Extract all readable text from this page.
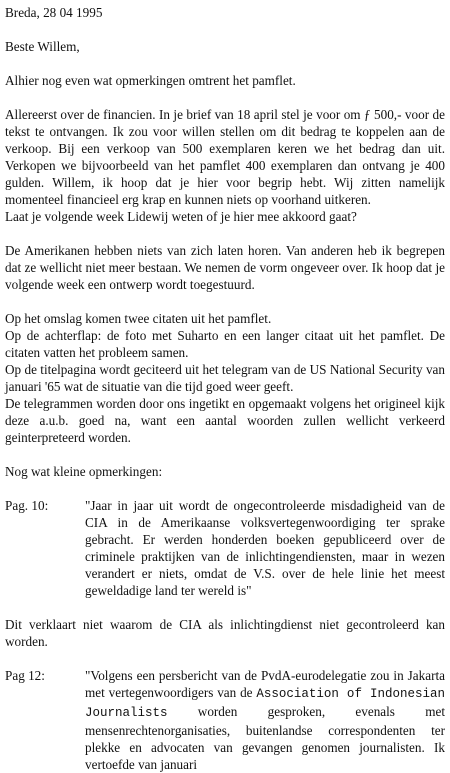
Breda, 28 04 1995

Beste Willem,

Alhier nog even wat opmerkingen omtrent het pamflet.

Allereerst over de financien. In je brief van 18 april stel je voor om ƒ 500,- voor de tekst te ontvangen. Ik zou voor willen stellen om dit bedrag te koppelen aan de verkoop. Bij een verkoop van 500 exemplaren keren we het bedrag dan uit. Verkopen we bijvoorbeeld van het pamflet 400 exemplaren dan ontvang je 400 gulden. Willem, ik hoop dat je hier voor begrip hebt. Wij zitten namelijk momenteel financieel erg krap en kunnen niets op voorhand uitkeren.

Laat je volgende week Lidewij weten of je hier mee akkoord gaat?

De Amerikanen hebben niets van zich laten horen. Van anderen heb ik begrepen dat ze wellicht niet meer bestaan. We nemen de vorm ongeveer over. Ik hoop dat je volgende week een ontwerp wordt toegestuurd.

Op het omslag komen twee citaten uit het pamflet.

Op de achterflap: de foto met Suharto en een langer citaat uit het pamflet. De citaten vatten het probleem samen.

Op de titelpagina wordt geciteerd uit het telegram van de US National Security van januari '65 wat de situatie van die tijd goed weer geeft.

De telegrammen worden door ons ingetikt en opgemaakt volgens het origineel kijk deze a.u.b. goed na, want een aantal woorden zullen wellicht verkeerd geinterpreteerd worden.

Nog wat kleine opmerkingen:

Pag. 10:	"Jaar in jaar uit wordt de ongecontroleerde misdadigheid van de CIA in de Amerikaanse volksvertegenwoordiging ter sprake gebracht. Er werden honderden boeken gepubliceerd over de criminele praktijken van de inlichtingendiensten, maar in wezen verandert er niets, omdat de V.S. over de hele linie het meest geweldadige land ter wereld is"

Dit verklaart niet waarom de CIA als inlichtingdienst niet gecontroleerd kan worden.

Pag 12:	"Volgens een persbericht van de PvdA-eurodelegatie zou in Jakarta met vertegenwoordigers van de Association of Indonesian Journalists worden gesproken, evenals met mensenrechtenorganisaties, buitenlandse correspondenten ter plekke en advocaten van gevangen genomen journalisten. Ik vertoefde van januari
